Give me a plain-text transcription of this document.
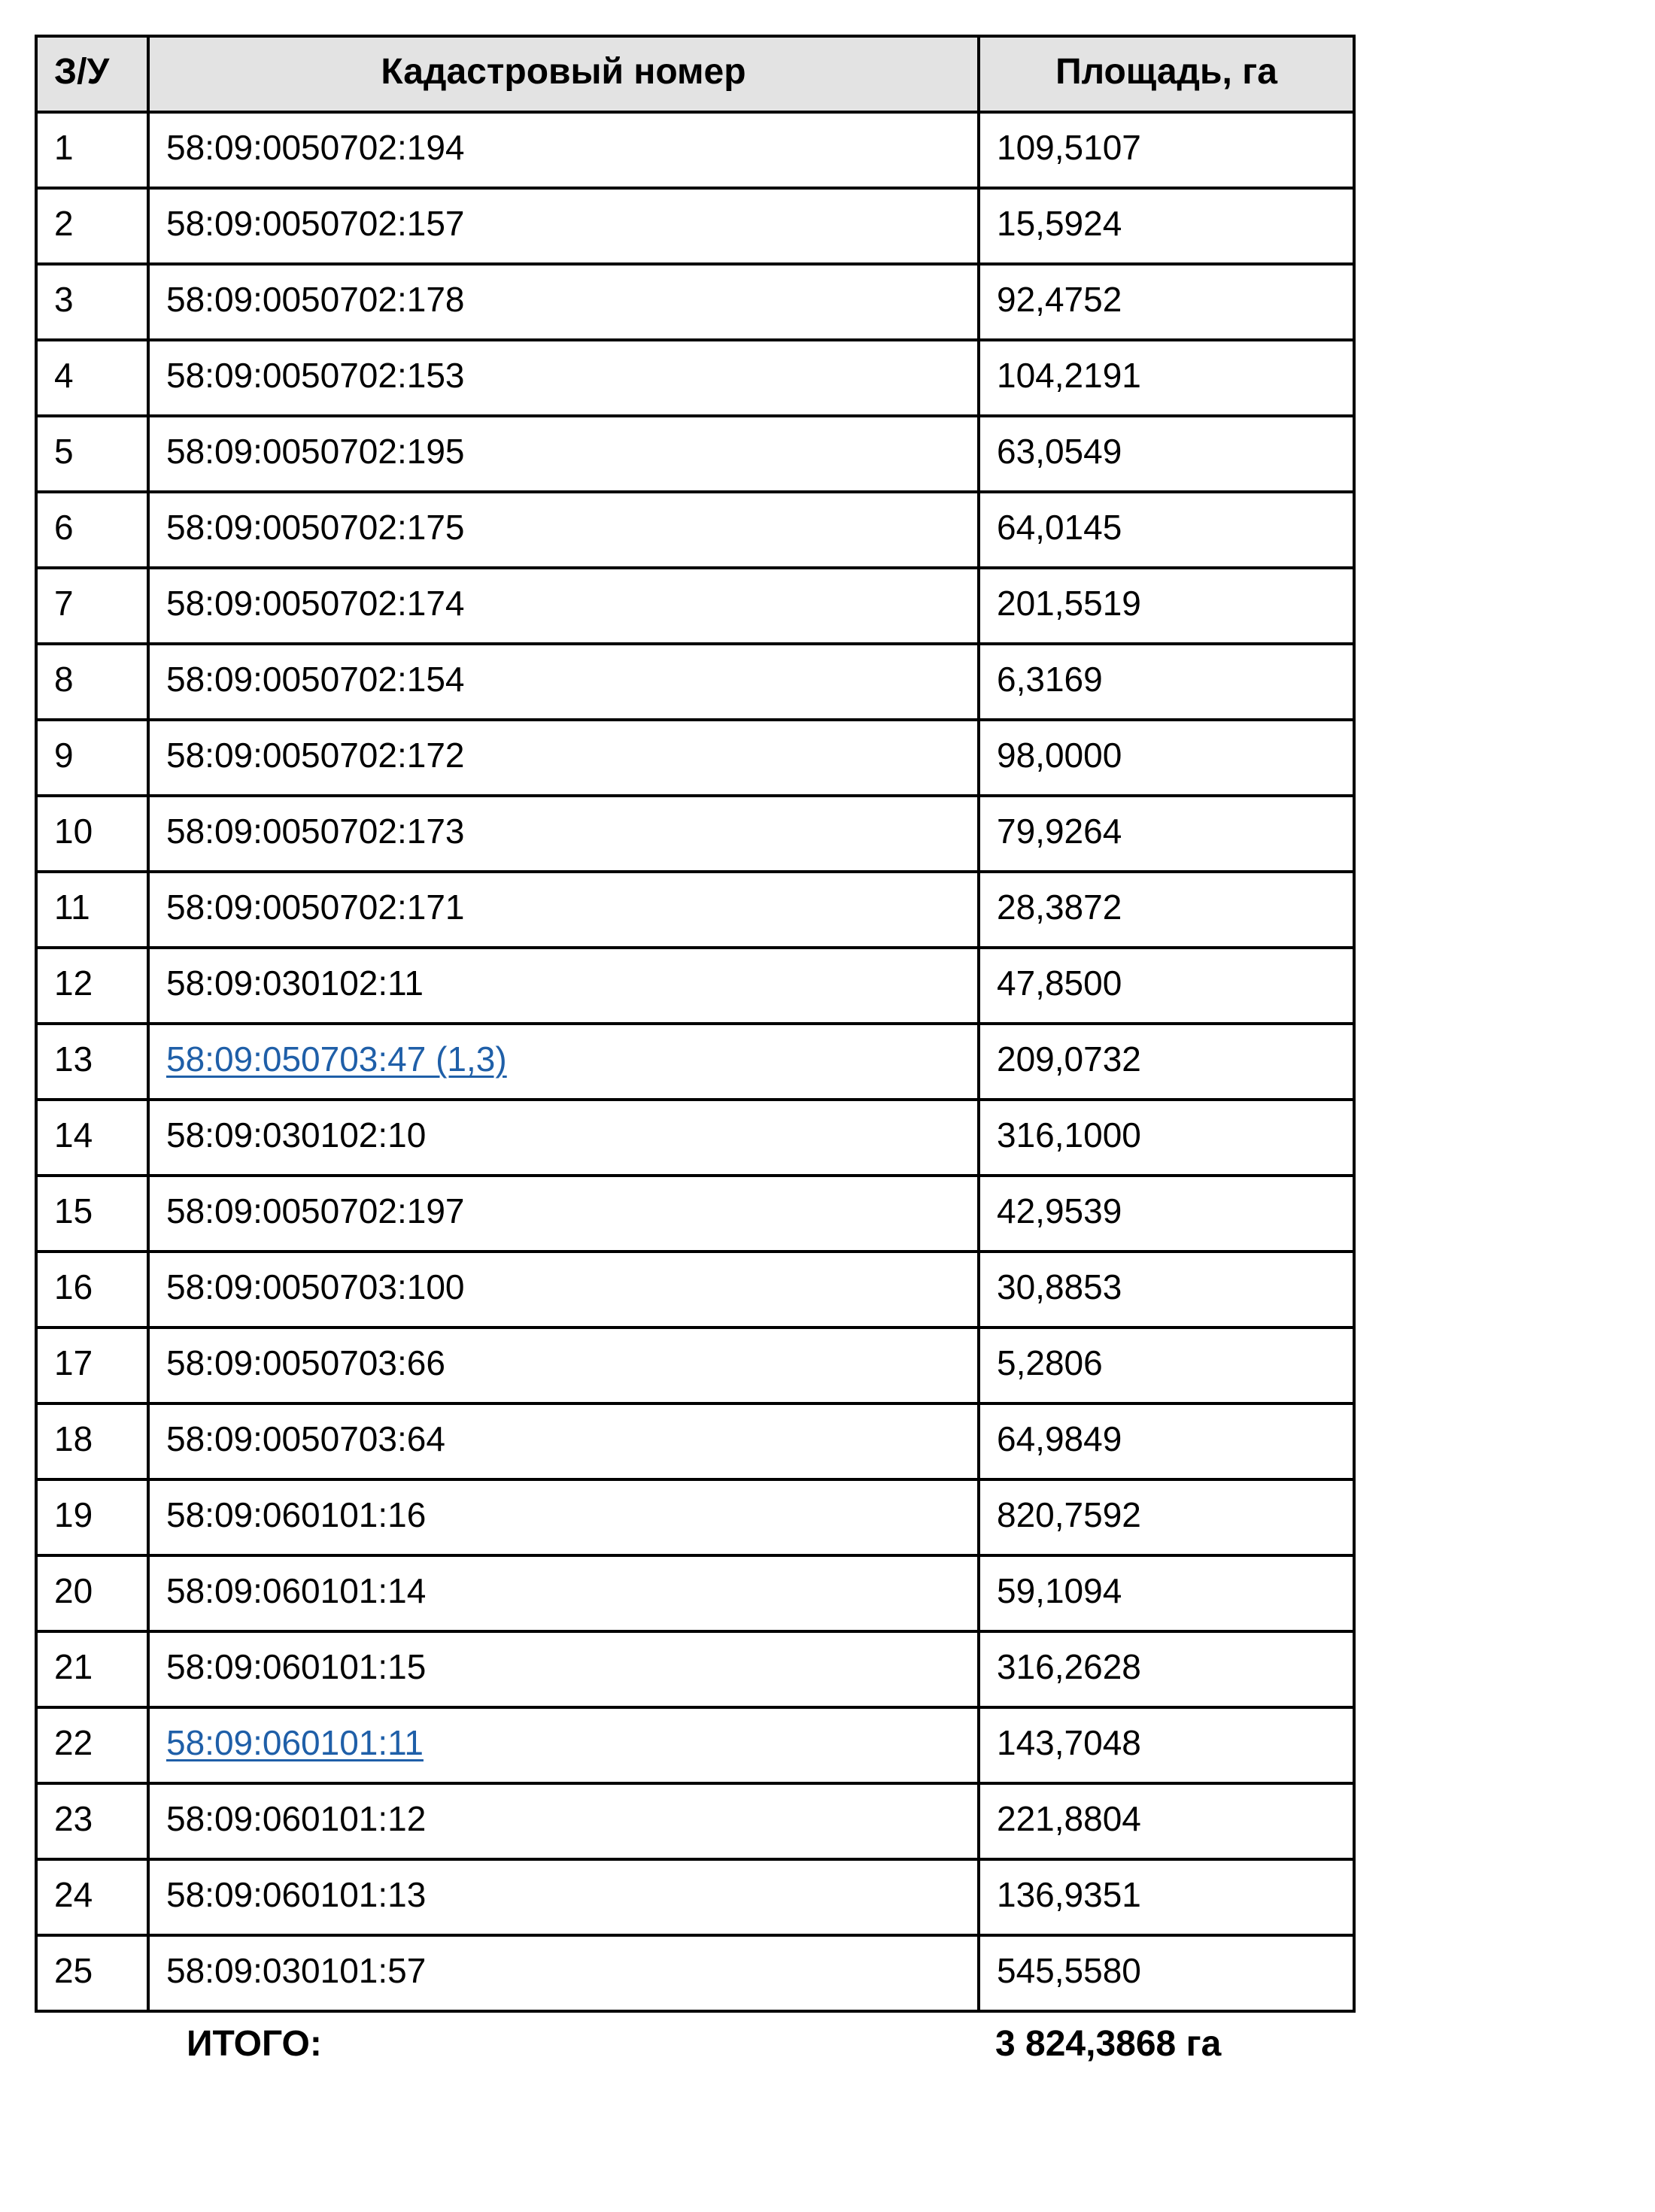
З/У	Кадастровый номер	Площадь, га
1	58:09:0050702:194	109,5107
2	58:09:0050702:157	15,5924
3	58:09:0050702:178	92,4752
4	58:09:0050702:153	104,2191
5	58:09:0050702:195	63,0549
6	58:09:0050702:175	64,0145
7	58:09:0050702:174	201,5519
8	58:09:0050702:154	6,3169
9	58:09:0050702:172	98,0000
10	58:09:0050702:173	79,9264
11	58:09:0050702:171	28,3872
12	58:09:030102:11	47,8500
13	58:09:050703:47 (1,3)	209,0732
14	58:09:030102:10	316,1000
15	58:09:0050702:197	42,9539
16	58:09:0050703:100	30,8853
17	58:09:0050703:66	5,2806
18	58:09:0050703:64	64,9849
19	58:09:060101:16	820,7592
20	58:09:060101:14	59,1094
21	58:09:060101:15	316,2628
22	58:09:060101:11	143,7048
23	58:09:060101:12	221,8804
24	58:09:060101:13	136,9351
25	58:09:030101:57	545,5580
ИТОГО:		3 824,3868 га
